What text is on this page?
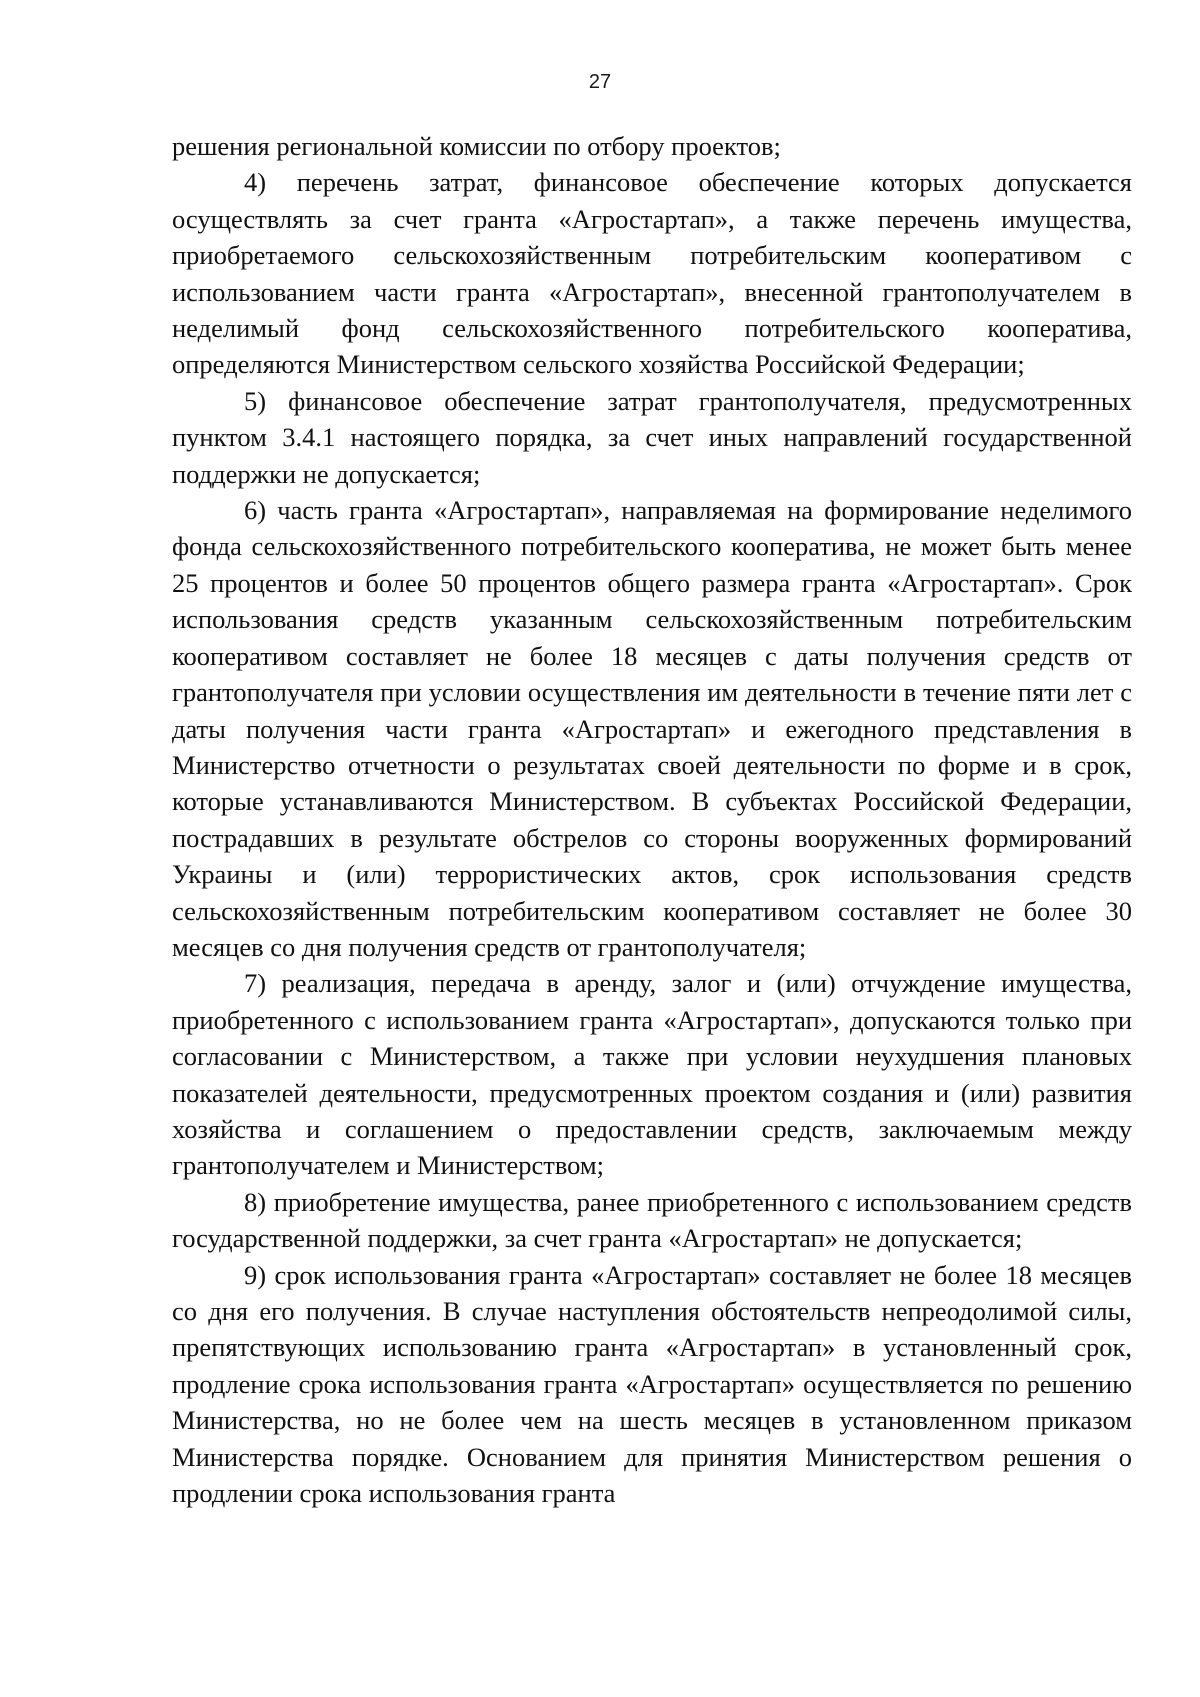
27

решения региональной комиссии по отбору проектов;

4) перечень затрат, финансовое обеспечение которых допускается осуществлять за счет гранта «Агростартап», а также перечень имущества, приобретаемого сельскохозяйственным потребительским кооперативом с использованием части гранта «Агростартап», внесенной грантополучателем в неделимый фонд сельскохозяйственного потребительского кооператива, определяются Министерством сельского хозяйства Российской Федерации;

5) финансовое обеспечение затрат грантополучателя, предусмотренных пунктом 3.4.1 настоящего порядка, за счет иных направлений государственной поддержки не допускается;

6) часть гранта «Агростартап», направляемая на формирование неделимого фонда сельскохозяйственного потребительского кооператива, не может быть менее 25 процентов и более 50 процентов общего размера гранта «Агростартап». Срок использования средств указанным сельскохозяйственным потребительским кооперативом составляет не более 18 месяцев с даты получения средств от грантополучателя при условии осуществления им деятельности в течение пяти лет с даты получения части гранта «Агростартап» и ежегодного представления в Министерство отчетности о результатах своей деятельности по форме и в срок, которые устанавливаются Министерством. В субъектах Российской Федерации, пострадавших в результате обстрелов со стороны вооруженных формирований Украины и (или) террористических актов, срок использования средств сельскохозяйственным потребительским кооперативом составляет не более 30 месяцев со дня получения средств от грантополучателя;

7) реализация, передача в аренду, залог и (или) отчуждение имущества, приобретенного с использованием гранта «Агростартап», допускаются только при согласовании с Министерством, а также при условии неухудшения плановых показателей деятельности, предусмотренных проектом создания и (или) развития хозяйства и соглашением о предоставлении средств, заключаемым между грантополучателем и Министерством;

8) приобретение имущества, ранее приобретенного с использованием средств государственной поддержки, за счет гранта «Агростартап» не допускается;

9) срок использования гранта «Агростартап» составляет не более 18 месяцев со дня его получения. В случае наступления обстоятельств непреодолимой силы, препятствующих использованию гранта «Агростартап» в установленный срок, продление срока использования гранта «Агростартап» осуществляется по решению Министерства, но не более чем на шесть месяцев в установленном приказом Министерства порядке. Основанием для принятия Министерством решения о продлении срока использования гранта
